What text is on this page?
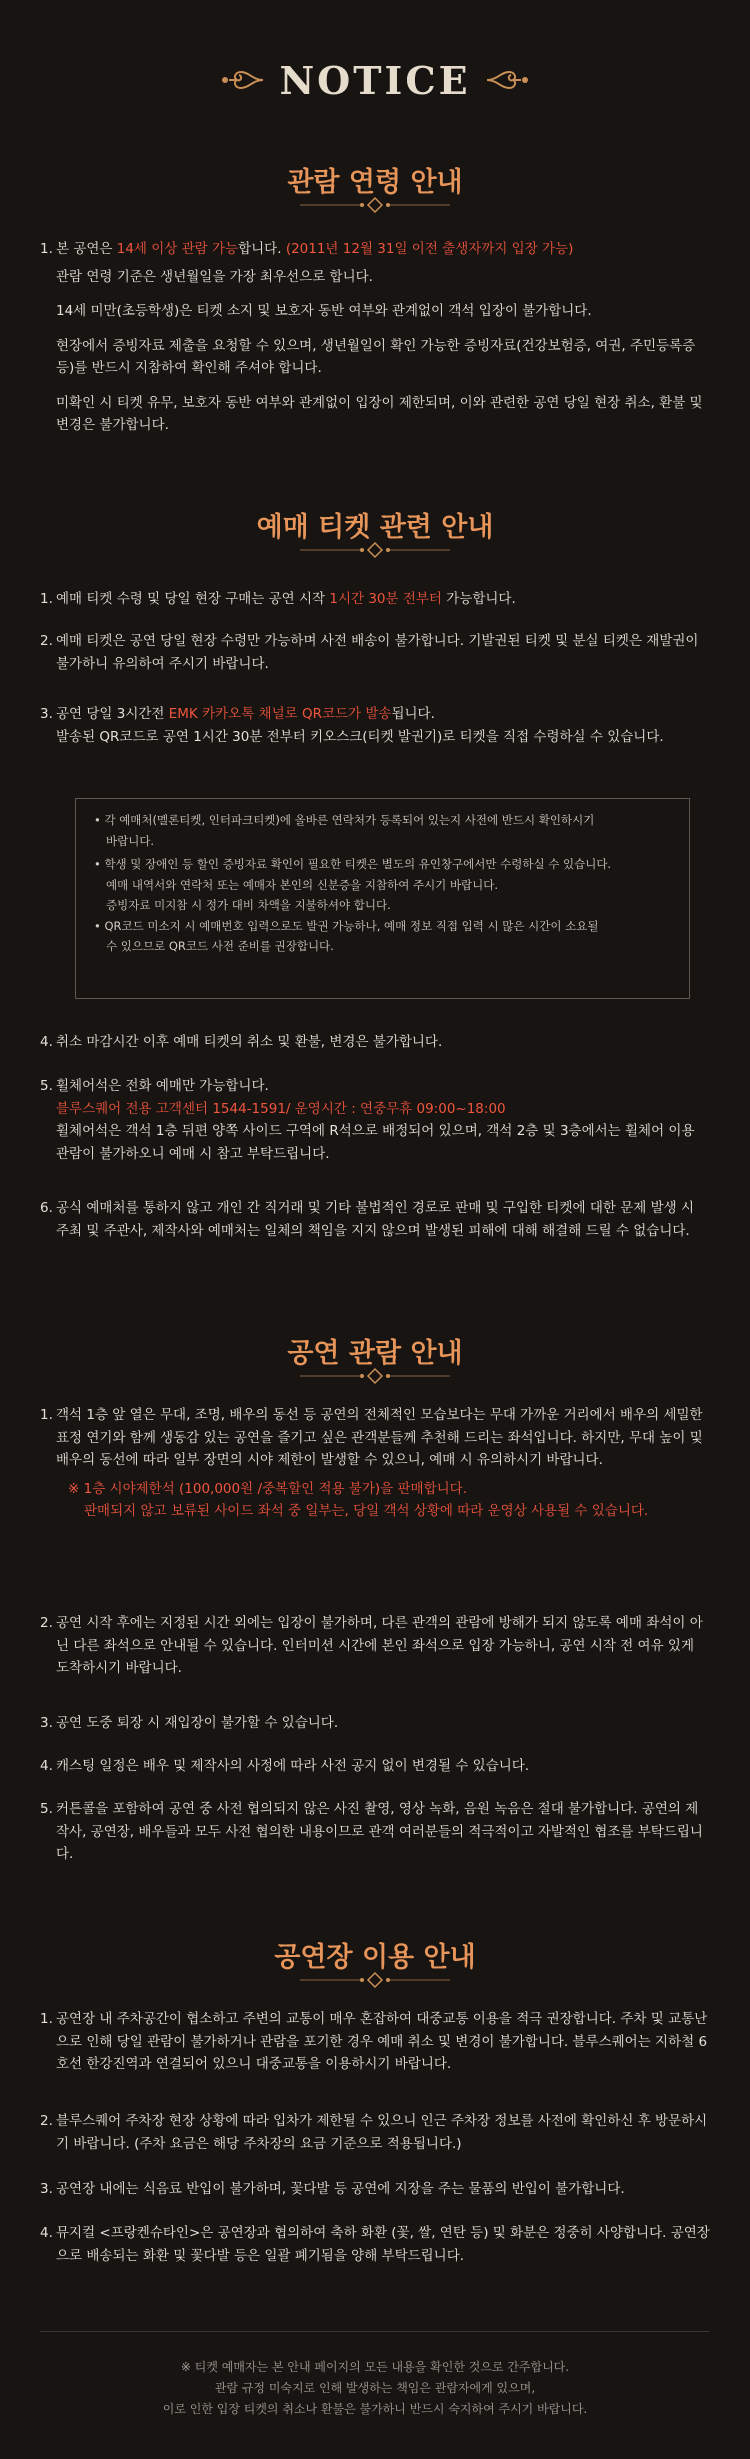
NOTICE
관람 연령 안내
1. 본 공연은 14세 이상 관람 가능합니다. (2011년 12월 31일 이전 출생자까지 입장 가능)
관람 연령 기준은 생년월일을 가장 최우선으로 합니다.
14세 미만(초등학생)은 티켓 소지 및 보호자 동반 여부와 관계없이 객석 입장이 불가합니다.
현장에서 증빙자료 제출을 요청할 수 있으며, 생년월일이 확인 가능한 증빙자료(건강보험증, 여권, 주민등록증 등)를 반드시 지참하여 확인해 주셔야 합니다.
미확인 시 티켓 유무, 보호자 동반 여부와 관계없이 입장이 제한되며, 이와 관련한 공연 당일 현장 취소, 환불 및 변경은 불가합니다.
예매 티켓 관련 안내
1. 예매 티켓 수령 및 당일 현장 구매는 공연 시작 1시간 30분 전부터 가능합니다.
2. 예매 티켓은 공연 당일 현장 수령만 가능하며 사전 배송이 불가합니다. 기발권된 티켓 및 분실 티켓은 재발권이 불가하니 유의하여 주시기 바랍니다.
3. 공연 당일 3시간전 EMK 카카오톡 채널로 QR코드가 발송됩니다.
발송된 QR코드로 공연 1시간 30분 전부터 키오스크(티켓 발권기)로 티켓을 직접 수령하실 수 있습니다.
• 각 예매처(멜론티켓, 인터파크티켓)에 올바른 연락처가 등록되어 있는지 사전에 반드시 확인하시기
바랍니다.
• 학생 및 장애인 등 할인 증빙자료 확인이 필요한 티켓은 별도의 유인창구에서만 수령하실 수 있습니다.
예매 내역서와 연락처 또는 예매자 본인의 신분증을 지참하여 주시기 바랍니다.
증빙자료 미지참 시 정가 대비 차액을 지불하셔야 합니다.
• QR코드 미소지 시 예매번호 입력으로도 발권 가능하나, 예매 정보 직접 입력 시 많은 시간이 소요될
수 있으므로 QR코드 사전 준비를 권장합니다.
4. 취소 마감시간 이후 예매 티켓의 취소 및 환불, 변경은 불가합니다.
5. 휠체어석은 전화 예매만 가능합니다.
블루스퀘어 전용 고객센터 1544-1591/ 운영시간 : 연중무휴 09:00~18:00
휠체어석은 객석 1층 뒤편 양쪽 사이드 구역에 R석으로 배정되어 있으며, 객석 2층 및 3층에서는 휠체어 이용 관람이 불가하오니 예매 시 참고 부탁드립니다.
6. 공식 예매처를 통하지 않고 개인 간 직거래 및 기타 불법적인 경로로 판매 및 구입한 티켓에 대한 문제 발생 시 주최 및 주관사, 제작사와 예매처는 일체의 책임을 지지 않으며 발생된 피해에 대해 해결해 드릴 수 없습니다.
공연 관람 안내
1. 객석 1층 앞 열은 무대, 조명, 배우의 동선 등 공연의 전체적인 모습보다는 무대 가까운 거리에서 배우의 세밀한 표정 연기와 함께 생동감 있는 공연을 즐기고 싶은 관객분들께 추천해 드리는 좌석입니다. 하지만, 무대 높이 및 배우의 동선에 따라 일부 장면의 시야 제한이 발생할 수 있으니, 예매 시 유의하시기 바랍니다.
※ 1층 시야제한석 (100,000원 /중복할인 적용 불가)을 판매합니다.
판매되지 않고 보류된 사이드 좌석 중 일부는, 당일 객석 상황에 따라 운영상 사용될 수 있습니다.
2. 공연 시작 후에는 지정된 시간 외에는 입장이 불가하며, 다른 관객의 관람에 방해가 되지 않도록 예매 좌석이 아닌 다른 좌석으로 안내될 수 있습니다. 인터미션 시간에 본인 좌석으로 입장 가능하니, 공연 시작 전 여유 있게 도착하시기 바랍니다.
3. 공연 도중 퇴장 시 재입장이 불가할 수 있습니다.
4. 캐스팅 일정은 배우 및 제작사의 사정에 따라 사전 공지 없이 변경될 수 있습니다.
5. 커튼콜을 포함하여 공연 중 사전 협의되지 않은 사진 촬영, 영상 녹화, 음원 녹음은 절대 불가합니다. 공연의 제작사, 공연장, 배우들과 모두 사전 협의한 내용이므로 관객 여러분들의 적극적이고 자발적인 협조를 부탁드립니다.
공연장 이용 안내
1. 공연장 내 주차공간이 협소하고 주변의 교통이 매우 혼잡하여 대중교통 이용을 적극 권장합니다. 주차 및 교통난으로 인해 당일 관람이 불가하거나 관람을 포기한 경우 예매 취소 및 변경이 불가합니다. 블루스퀘어는 지하철 6호선 한강진역과 연결되어 있으니 대중교통을 이용하시기 바랍니다.
2. 블루스퀘어 주차장 현장 상황에 따라 입차가 제한될 수 있으니 인근 주차장 정보를 사전에 확인하신 후 방문하시기 바랍니다. (주차 요금은 해당 주차장의 요금 기준으로 적용됩니다.)
3. 공연장 내에는 식음료 반입이 불가하며, 꽃다발 등 공연에 지장을 주는 물품의 반입이 불가합니다.
4. 뮤지컬 <프랑켄슈타인>은 공연장과 협의하여 축하 화환 (꽃, 쌀, 연탄 등) 및 화분은 정중히 사양합니다. 공연장으로 배송되는 화환 및 꽃다발 등은 일괄 폐기됨을 양해 부탁드립니다.
※ 티켓 예매자는 본 안내 페이지의 모든 내용을 확인한 것으로 간주합니다.
관람 규정 미숙지로 인해 발생하는 책임은 관람자에게 있으며,
이로 인한 입장 티켓의 취소나 환불은 불가하니 반드시 숙지하여 주시기 바랍니다.
